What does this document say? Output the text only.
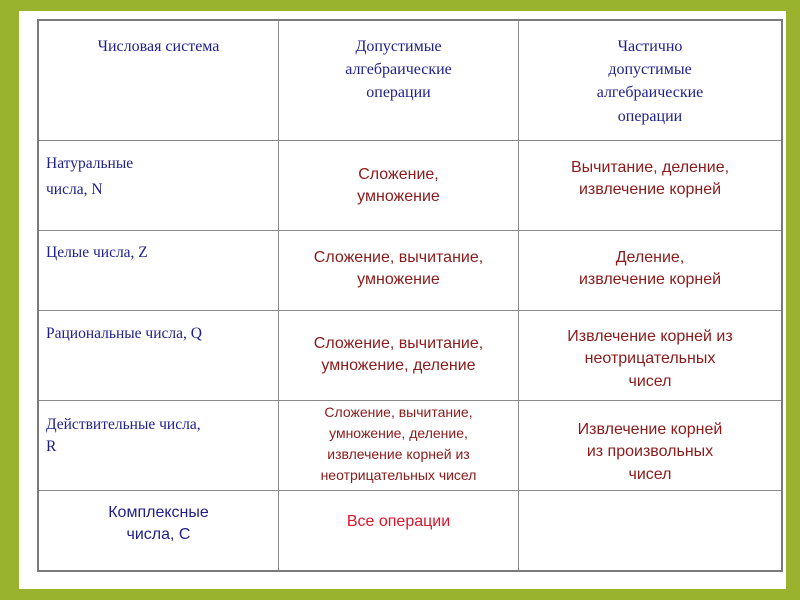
Числовая система	Допустимые
алгебраические
операции
Частично
допустимые
алгебраические
операции
Натуральные
числа, N
Сложение,
умножение
Вычитание, деление,
извлечение корней
Целые числа, Z	Сложение, вычитание,
умножение
Деление,
извлечение корней
Рациональные числа, Q
Сложение, вычитание,
умножение, деление
Извлечение корней из
неотрицательных
чисел
Действительные числа,
R
Сложение, вычитание,
умножение, деление,
извлечение корней из
неотрицательных чисел
Извлечение корней
из произвольных
чисел
Комплексные
числа, С
Все операции
